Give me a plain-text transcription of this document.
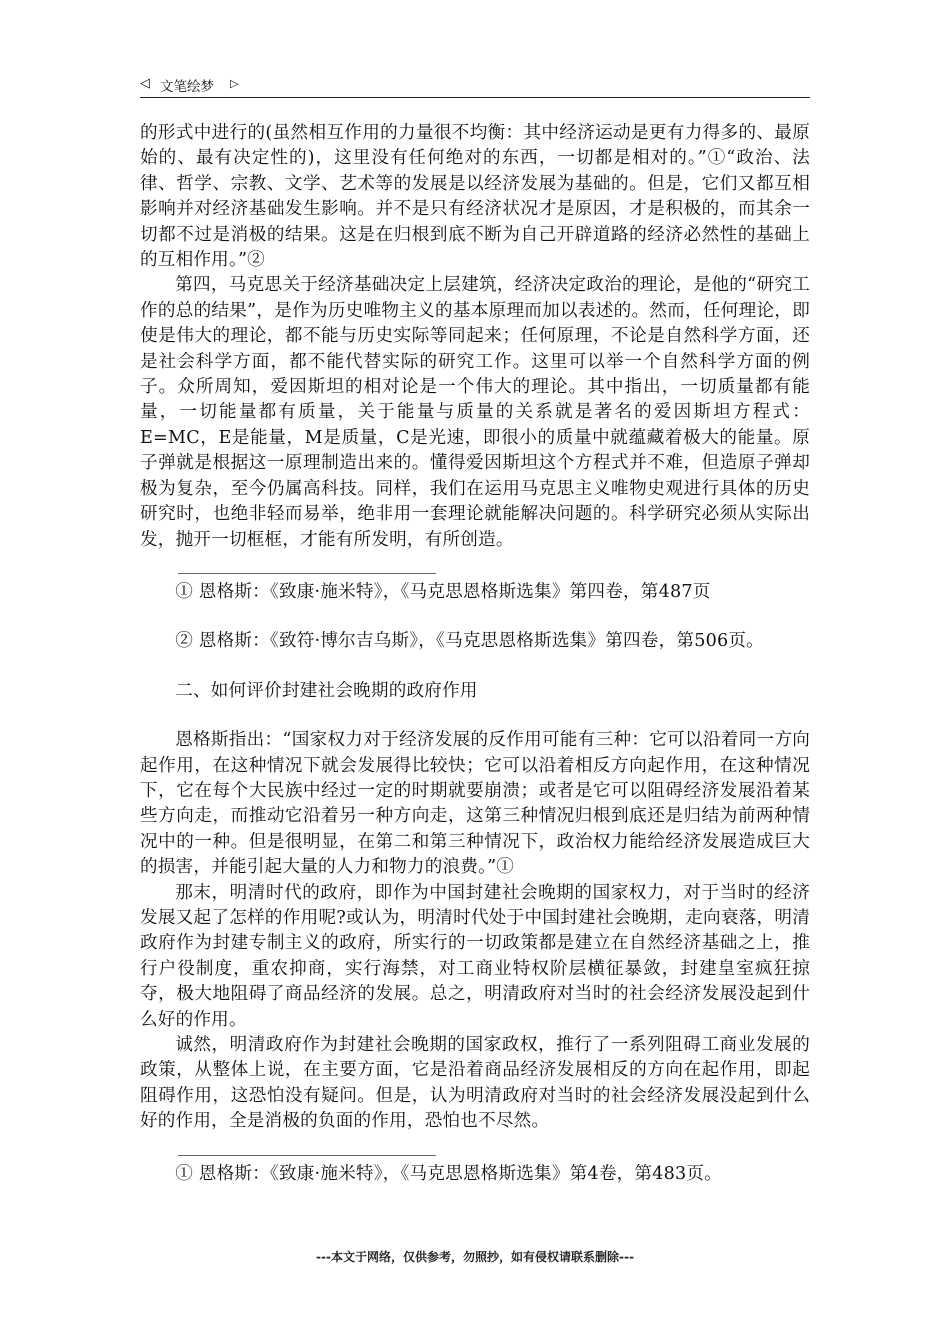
◁ 文笔绘梦 ▷

的形式中进行的(虽然相互作用的力量很不均衡：其中经济运动是更有力得多的、最原始的、最有决定性的)，这里没有任何绝对的东西，一切都是相对的。”①“政治、法律、哲学、宗教、文学、艺术等的发展是以经济发展为基础的。但是，它们又都互相影响并对经济基础发生影响。并不是只有经济状况才是原因，才是积极的，而其余一切都不过是消极的结果。这是在归根到底不断为自己开辟道路的经济必然性的基础上的互相作用。”②

第四，马克思关于经济基础决定上层建筑，经济决定政治的理论，是他的“研究工作的总的结果”，是作为历史唯物主义的基本原理而加以表述的。然而，任何理论，即使是伟大的理论，都不能与历史实际等同起来；任何原理，不论是自然科学方面，还是社会科学方面，都不能代替实际的研究工作。这里可以举一个自然科学方面的例子。众所周知，爱因斯坦的相对论是一个伟大的理论。其中指出，一切质量都有能量，一切能量都有质量，关于能量与质量的关系就是著名的爱因斯坦方程式：E=MC，E是能量，M是质量，C是光速，即很小的质量中就蕴藏着极大的能量。原子弹就是根据这一原理制造出来的。懂得爱因斯坦这个方程式并不难，但造原子弹却极为复杂，至今仍属高科技。同样，我们在运用马克思主义唯物史观进行具体的历史研究时，也绝非轻而易举，绝非用一套理论就能解决问题的。科学研究必须从实际出发，抛开一切框框，才能有所发明，有所创造。

① 恩格斯：《致康·施米特》，《马克思恩格斯选集》第四卷，第487页

② 恩格斯：《致符·博尔吉乌斯》，《马克思恩格斯选集》第四卷，第506页。

二、如何评价封建社会晚期的政府作用

恩格斯指出：“国家权力对于经济发展的反作用可能有三种：它可以沿着同一方向起作用，在这种情况下就会发展得比较快；它可以沿着相反方向起作用，在这种情况下，它在每个大民族中经过一定的时期就要崩溃；或者是它可以阻碍经济发展沿着某些方向走，而推动它沿着另一种方向走，这第三种情况归根到底还是归结为前两种情况中的一种。但是很明显，在第二和第三种情况下，政治权力能给经济发展造成巨大的损害，并能引起大量的人力和物力的浪费。”①

那末，明清时代的政府，即作为中国封建社会晚期的国家权力，对于当时的经济发展又起了怎样的作用呢?或认为，明清时代处于中国封建社会晚期，走向衰落，明清政府作为封建专制主义的政府，所实行的一切政策都是建立在自然经济基础之上，推行户役制度，重农抑商，实行海禁，对工商业特权阶层横征暴敛，封建皇室疯狂掠夺，极大地阻碍了商品经济的发展。总之，明清政府对当时的社会经济发展没起到什么好的作用。

诚然，明清政府作为封建社会晚期的国家政权，推行了一系列阻碍工商业发展的政策，从整体上说，在主要方面，它是沿着商品经济发展相反的方向在起作用，即起阻碍作用，这恐怕没有疑问。但是，认为明清政府对当时的社会经济发展没起到什么好的作用，全是消极的负面的作用，恐怕也不尽然。

① 恩格斯：《致康·施米特》，《马克思恩格斯选集》第4卷，第483页。

---本文于网络，仅供参考，勿照抄，如有侵权请联系删除---
